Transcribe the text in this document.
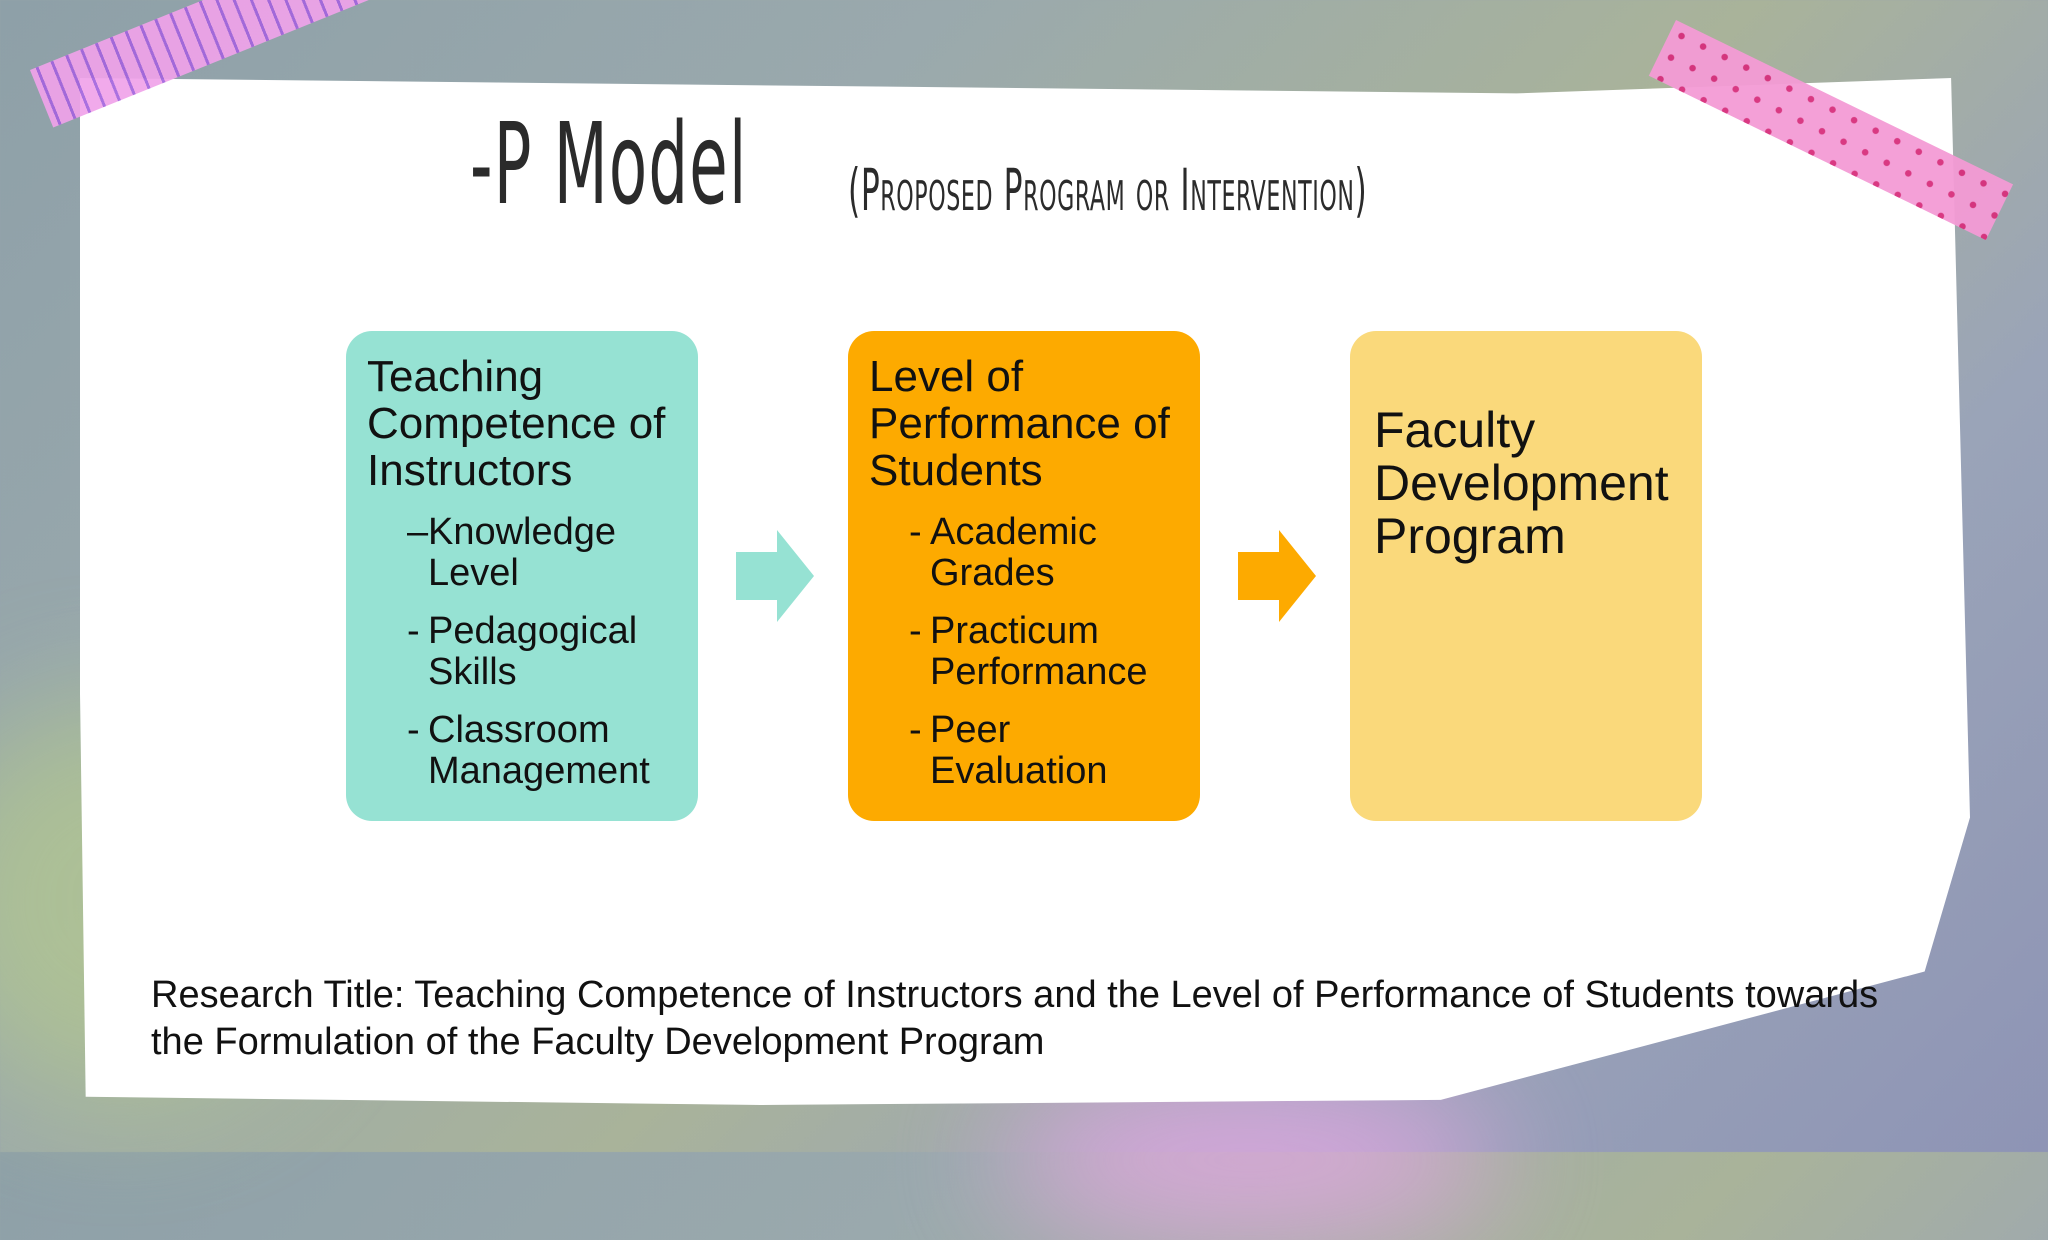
-P Model (Proposed Program or Intervention)
Teaching Competence of Instructors
– Knowledge Level
- Pedagogical Skills
- Classroom Management
Level of Performance of Students
- Academic Grades
- Practicum Performance
- Peer Evaluation
Faculty Development Program
Research Title: Teaching Competence of Instructors and the Level of Performance of Students towards the Formulation of the Faculty Development Program
